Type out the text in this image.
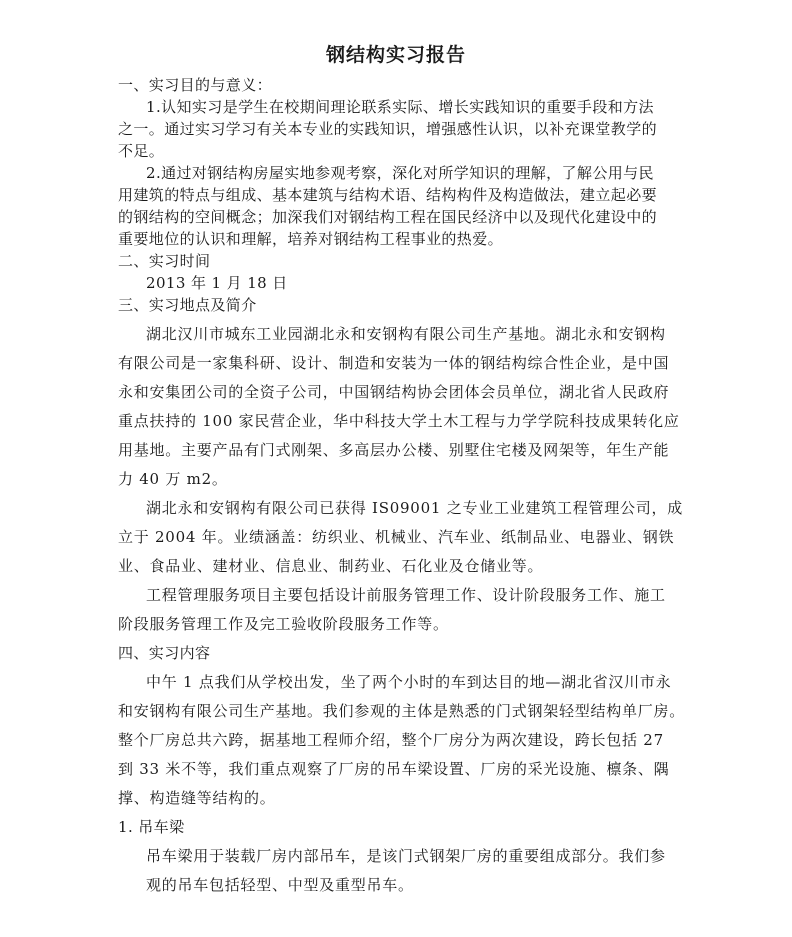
钢结构实习报告

一、实习目的与意义：

1.认知实习是学生在校期间理论联系实际、增长实践知识的重要手段和方法

之一。通过实习学习有关本专业的实践知识，增强感性认识，以补充课堂教学的

不足。

2.通过对钢结构房屋实地参观考察，深化对所学知识的理解，了解公用与民

用建筑的特点与组成、基本建筑与结构术语、结构构件及构造做法，建立起必要

的钢结构的空间概念；加深我们对钢结构工程在国民经济中以及现代化建设中的

重要地位的认识和理解，培养对钢结构工程事业的热爱。

二、实习时间

2013 年 1 月 18 日

三、实习地点及简介

湖北汉川市城东工业园湖北永和安钢构有限公司生产基地。湖北永和安钢构

有限公司是一家集科研、设计、制造和安装为一体的钢结构综合性企业，是中国

永和安集团公司的全资子公司，中国钢结构协会团体会员单位，湖北省人民政府

重点扶持的 100 家民营企业，华中科技大学土木工程与力学学院科技成果转化应

用基地。主要产品有门式刚架、多高层办公楼、别墅住宅楼及网架等，年生产能

力 40 万 m2。

湖北永和安钢构有限公司已获得 IS09001 之专业工业建筑工程管理公司，成

立于 2004 年。业绩涵盖：纺织业、机械业、汽车业、纸制品业、电器业、钢铁

业、食品业、建材业、信息业、制药业、石化业及仓储业等。

工程管理服务项目主要包括设计前服务管理工作、设计阶段服务工作、施工

阶段服务管理工作及完工验收阶段服务工作等。

四、实习内容

中午 1 点我们从学校出发，坐了两个小时的车到达目的地—湖北省汉川市永

和安钢构有限公司生产基地。我们参观的主体是熟悉的门式钢架轻型结构单厂房。

整个厂房总共六跨，据基地工程师介绍，整个厂房分为两次建设，跨长包括 27

到 33 米不等，我们重点观察了厂房的吊车梁设置、厂房的采光设施、檩条、隅

撑、构造缝等结构的。

1. 吊车梁

吊车梁用于装载厂房内部吊车，是该门式钢架厂房的重要组成部分。我们参

观的吊车包括轻型、中型及重型吊车。
